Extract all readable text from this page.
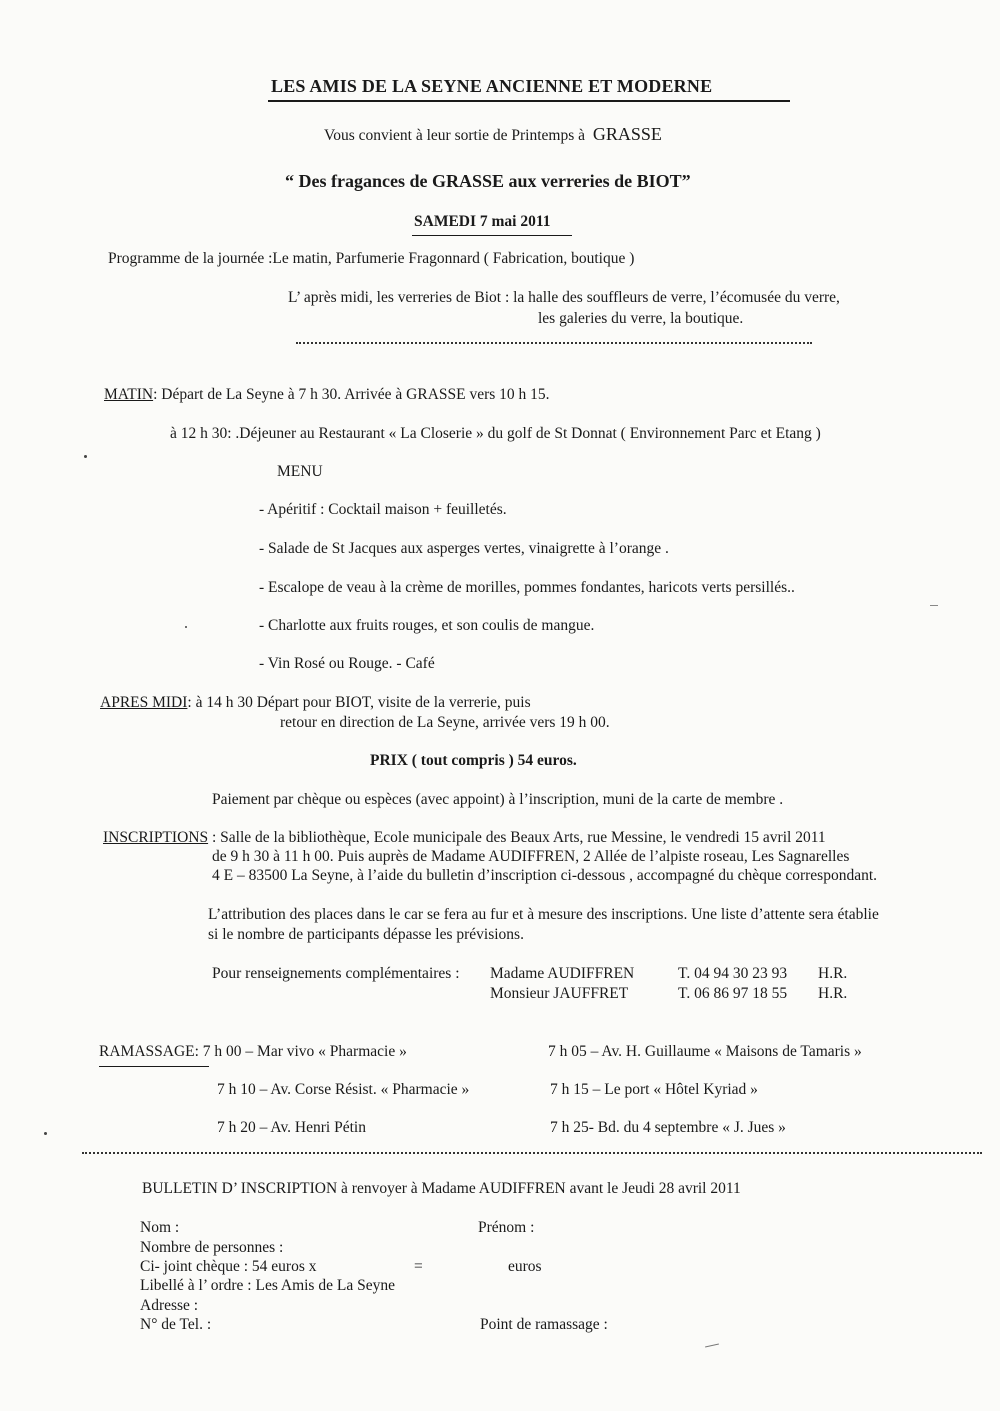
LES AMIS DE LA SEYNE ANCIENNE ET MODERNE
Vous convient à leur sortie de Printemps à GRASSE
“ Des fragances de GRASSE aux verreries de BIOT”
SAMEDI 7 mai 2011
Programme de la journée :Le matin, Parfumerie Fragonnard ( Fabrication, boutique )
L’ après midi, les verreries de Biot : la halle des souffleurs de verre, l’écomusée du verre,
les galeries du verre, la boutique.
MATIN: Départ de La Seyne à 7 h 30. Arrivée à GRASSE vers 10 h 15.
à 12 h 30: .Déjeuner au Restaurant « La Closerie » du golf de St Donnat ( Environnement Parc et Etang )
MENU
- Apéritif : Cocktail maison + feuilletés.
- Salade de St Jacques aux asperges vertes, vinaigrette à l’orange .
- Escalope de veau à la crème de morilles, pommes fondantes, haricots verts persillés..
- Charlotte aux fruits rouges, et son coulis de mangue.
- Vin Rosé ou Rouge. - Café
APRES MIDI: à 14 h 30 Départ pour BIOT, visite de la verrerie, puis
retour en direction de La Seyne, arrivée vers 19 h 00.
PRIX ( tout compris ) 54 euros.
Paiement par chèque ou espèces (avec appoint) à l’inscription, muni de la carte de membre .
INSCRIPTIONS : Salle de la bibliothèque, Ecole municipale des Beaux Arts, rue Messine, le vendredi 15 avril 2011
de 9 h 30 à 11 h 00. Puis auprès de Madame AUDIFFREN, 2 Allée de l’alpiste roseau, Les Sagnarelles
4 E – 83500 La Seyne, à l’aide du bulletin d’inscription ci-dessous , accompagné du chèque correspondant.
L’attribution des places dans le car se fera au fur et à mesure des inscriptions. Une liste d’attente sera établie
si le nombre de participants dépasse les prévisions.
Pour renseignements complémentaires : Madame AUDIFFREN	T. 04 94 30 23 93 H.R.
Monsieur JAUFFRET	T. 06 86 97 18 55 H.R.
RAMASSAGE: 7 h 00 – Mar vivo « Pharmacie »	7 h 05 – Av. H. Guillaume « Maisons de Tamaris »
7 h 10 – Av. Corse Résist. « Pharmacie »	7 h 15 – Le port « Hôtel Kyriad »
7 h 20 – Av. Henri Pétin	7 h 25- Bd. du 4 septembre « J. Jues »
BULLETIN D’ INSCRIPTION à renvoyer à Madame AUDIFFREN avant le Jeudi 28 avril 2011
Nom :	Prénom :
Nombre de personnes :
Ci- joint chèque : 54 euros x	=	euros
Libellé à l’ ordre : Les Amis de La Seyne
Adresse :
N° de Tel. :	Point de ramassage :
